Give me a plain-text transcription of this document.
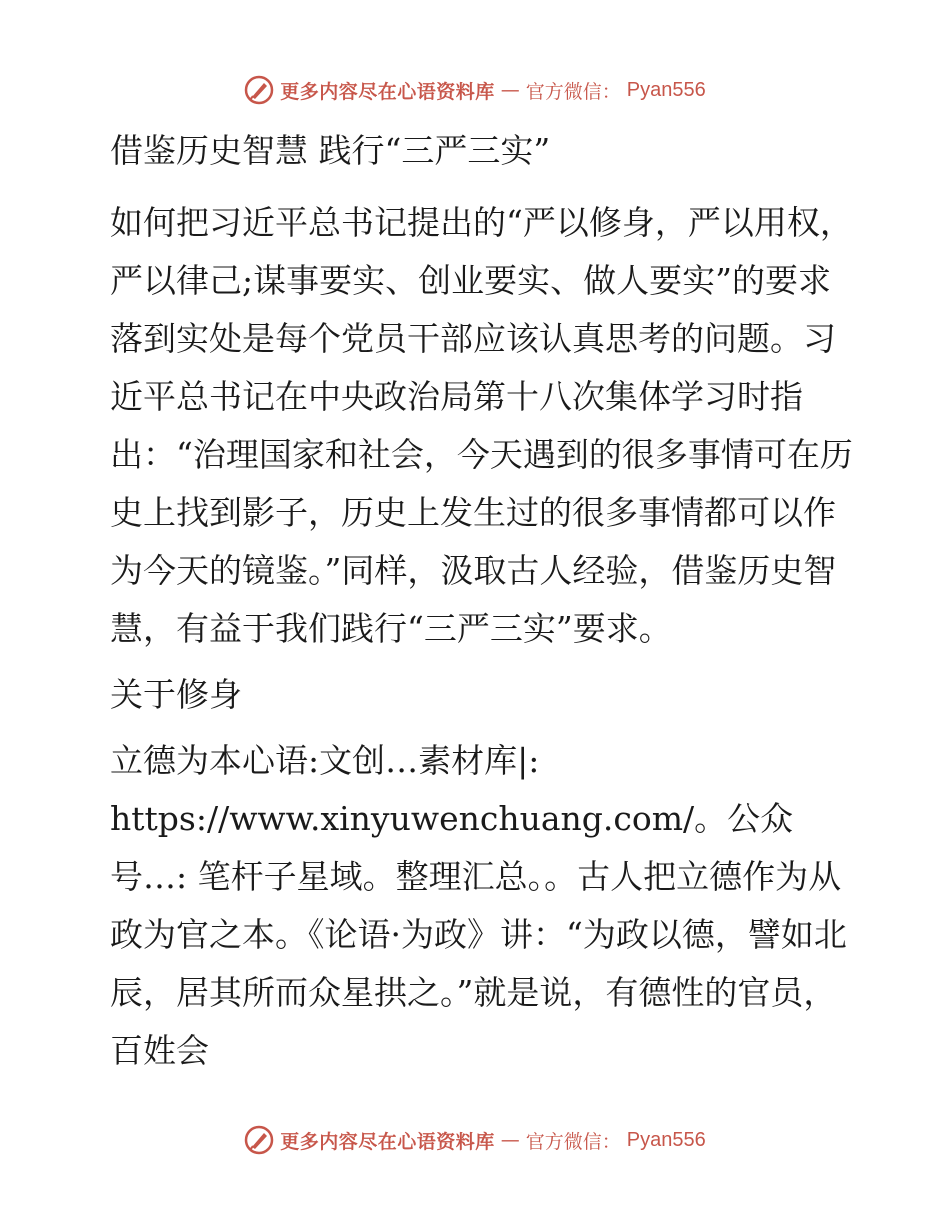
更多内容尽在心语资料库 — 官方微信： Pyan556

借鉴历史智慧 践行“三严三实”

如何把习近平总书记提出的“严以修身，严以用权，严以律己;谋事要实、创业要实、做人要实”的要求落到实处是每个党员干部应该认真思考的问题。习近平总书记在中央政治局第十八次集体学习时指出：“治理国家和社会，今天遇到的很多事情可在历史上找到影子，历史上发生过的很多事情都可以作为今天的镜鉴。”同样，汲取古人经验，借鉴历史智慧，有益于我们践行“三严三实”要求。

关于修身

立德为本心语:文创…素材库|: https://www.xinyuwenchuang.com/。公众号…: 笔杆子星域。整理汇总。。古人把立德作为从政为官之本。《论语·为政》讲：“为政以德，譬如北辰，居其所而众星拱之。”就是说，有德性的官员，百姓会

更多内容尽在心语资料库 — 官方微信： Pyan556
